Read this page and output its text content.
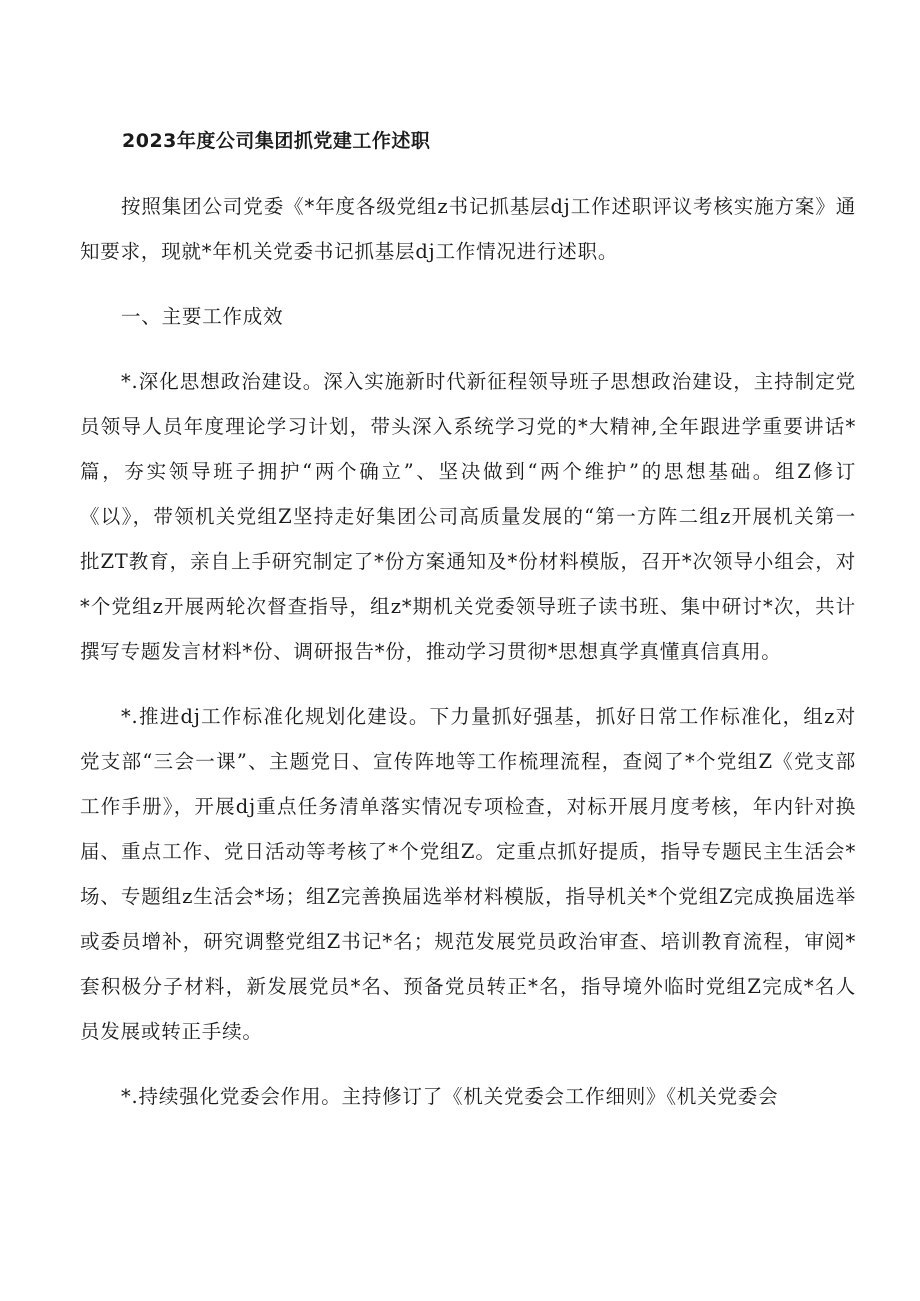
2023年度公司集团抓党建工作述职

按照集团公司党委《*年度各级党组z书记抓基层dj工作述职评议考核实施方案》通知要求，现就*年机关党委书记抓基层dj工作情况进行述职。

一、主要工作成效

*.深化思想政治建设。深入实施新时代新征程领导班子思想政治建设，主持制定党员领导人员年度理论学习计划，带头深入系统学习党的*大精神,全年跟进学重要讲话*篇，夯实领导班子拥护“两个确立”、坚决做到“两个维护”的思想基础。组Z修订《以》，带领机关党组Z坚持走好集团公司高质量发展的“第一方阵二组z开展机关第一批ZT教育，亲自上手研究制定了*份方案通知及*份材料模版，召开*次领导小组会，对*个党组z开展两轮次督查指导，组z*期机关党委领导班子读书班、集中研讨*次，共计撰写专题发言材料*份、调研报告*份，推动学习贯彻*思想真学真懂真信真用。

*.推进dj工作标准化规划化建设。下力量抓好强基，抓好日常工作标准化，组z对党支部“三会一课”、主题党日、宣传阵地等工作梳理流程，查阅了*个党组Z《党支部工作手册》，开展dj重点任务清单落实情况专项检查，对标开展月度考核，年内针对换届、重点工作、党日活动等考核了*个党组Z。定重点抓好提质，指导专题民主生活会*场、专题组z生活会*场；组Z完善换届选举材料模版，指导机关*个党组Z完成换届选举或委员增补，研究调整党组Z书记*名；规范发展党员政治审查、培训教育流程，审阅*套积极分子材料，新发展党员*名、预备党员转正*名，指导境外临时党组Z完成*名人员发展或转正手续。

*.持续强化党委会作用。主持修订了《机关党委会工作细则》《机关党委会
